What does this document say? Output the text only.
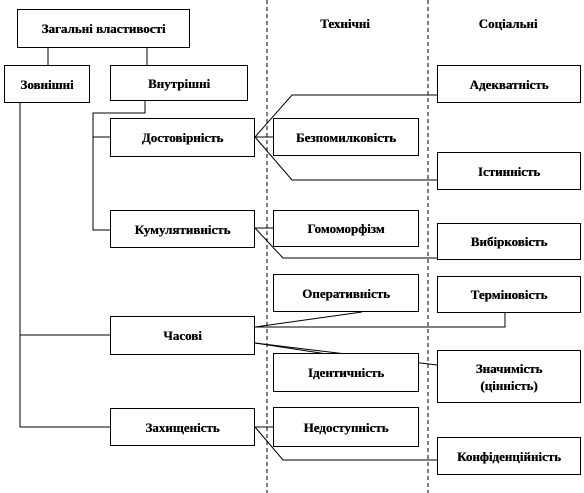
Технічні	Соціальні
Загальні властивості
Зовнішні	Внутрішні
Достовірність
Кумулятивність
Часові
Захищеність
Безпомилковість
Гомоморфізм
Оперативність
Ідентичність
Недоступність
Адекватність
Істинність
Вибірковість
Терміновість
Значимість (цінність)
Конфіденційність
